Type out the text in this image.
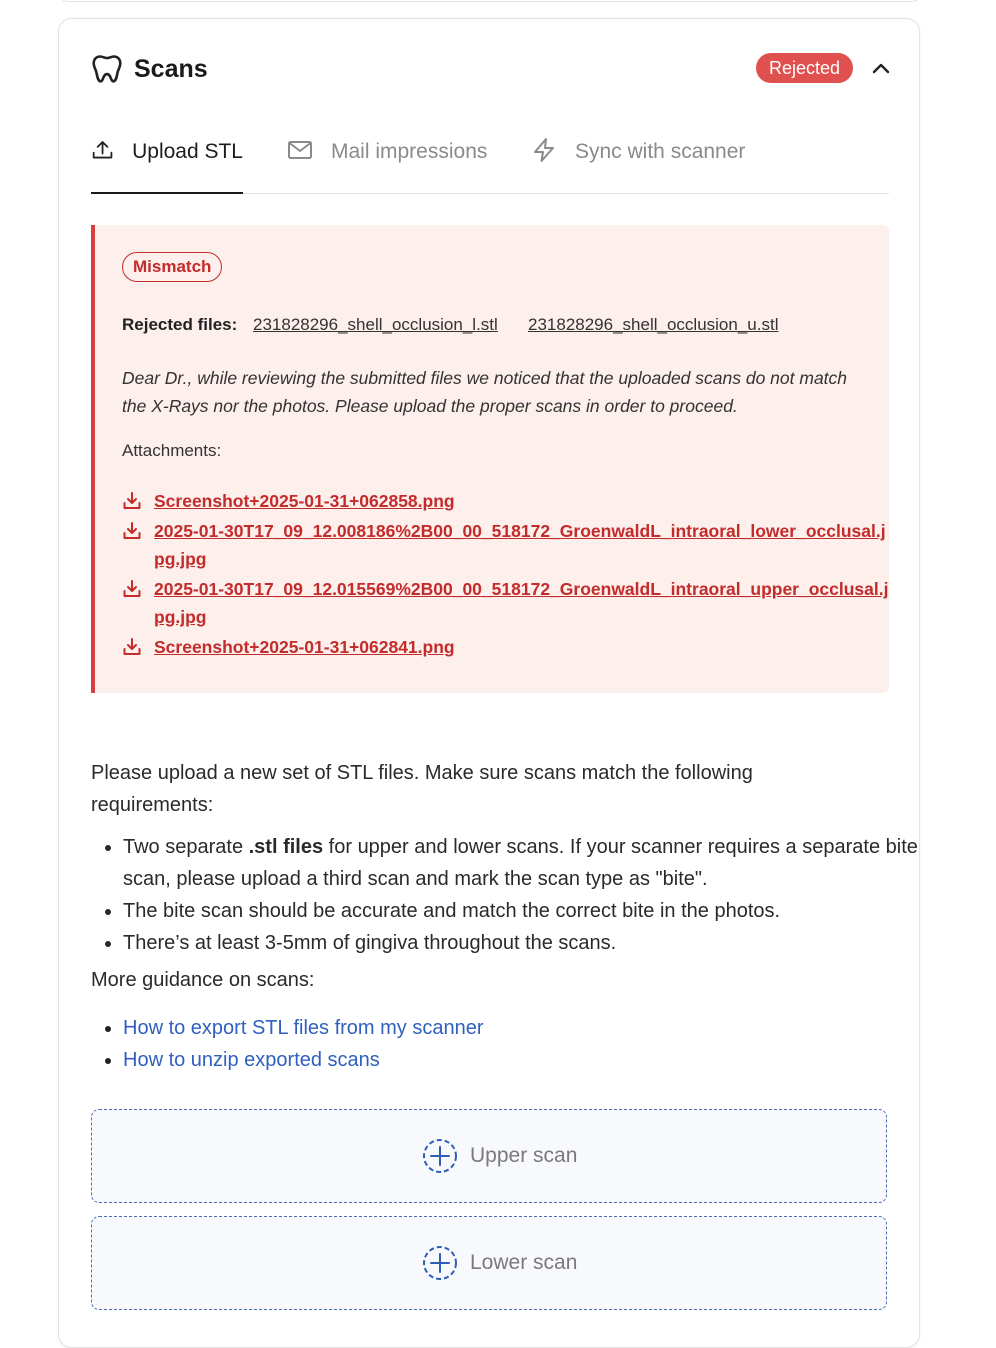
Scans	Rejected
Upload STL	Mail impressions	Sync with scanner
Mismatch
Rejected files: 231828296_shell_occlusion_l.stl 231828296_shell_occlusion_u.stl
Dear Dr., while reviewing the submitted files we noticed that the uploaded scans do not match the X-Rays nor the photos. Please upload the proper scans in order to proceed.
Attachments:
Screenshot+2025-01-31+062858.png
2025-01-30T17_09_12.008186%2B00_00_518172_GroenwaldL_intraoral_lower_occlusal.jpg.jpg
2025-01-30T17_09_12.015569%2B00_00_518172_GroenwaldL_intraoral_upper_occlusal.jpg.jpg
Screenshot+2025-01-31+062841.png
Please upload a new set of STL files. Make sure scans match the following requirements:
• Two separate .stl files for upper and lower scans. If your scanner requires a separate bite scan, please upload a third scan and mark the scan type as "bite".
• The bite scan should be accurate and match the correct bite in the photos.
• There’s at least 3-5mm of gingiva throughout the scans.
More guidance on scans:
• How to export STL files from my scanner
• How to unzip exported scans
Upper scan
Lower scan
